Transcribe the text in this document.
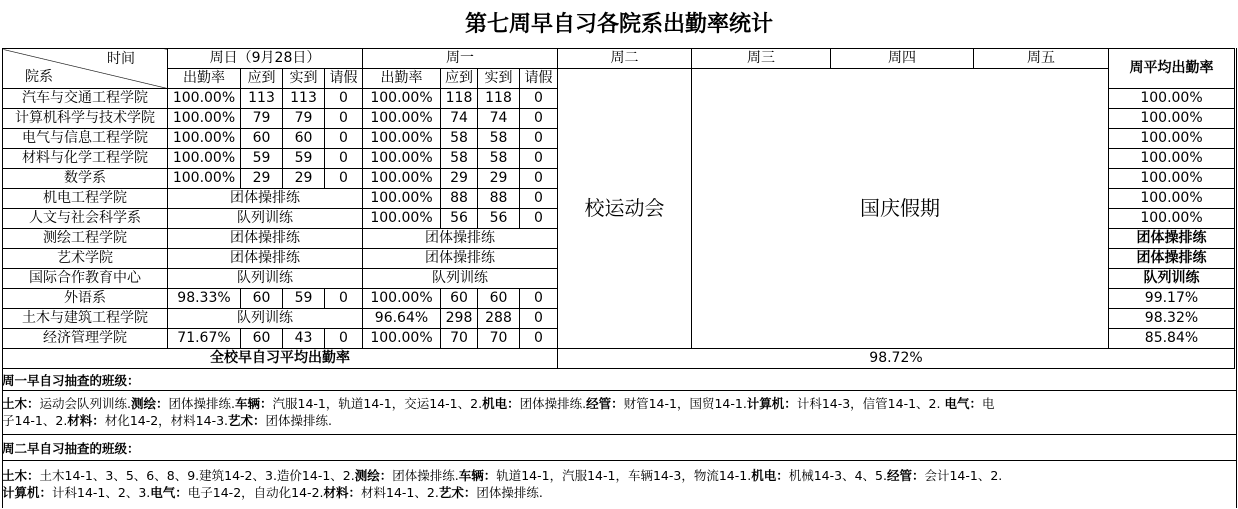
第七周早自习各院系出勤率统计
院系
时间	周日（9月28日）				周一				周二	周三	周四	周五	周平均出勤率
	出勤率	应到	实到	请假	出勤率	应到	实到	请假	校运动会	国庆假期			
汽车与交通工程学院	100.00%	113	113	0	100.00%	118	118	0					100.00%
计算机科学与技术学院	100.00%	79	79	0	100.00%	74	74	0					100.00%
电气与信息工程学院	100.00%	60	60	0	100.00%	58	58	0					100.00%
材料与化学工程学院	100.00%	59	59	0	100.00%	58	58	0					100.00%
数学系	100.00%	29	29	0	100.00%	29	29	0					100.00%
机电工程学院	团体操排练				100.00%	88	88	0					100.00%
人文与社会科学系	队列训练				100.00%	56	56	0					100.00%
测绘工程学院	团体操排练				团体操排练								团体操排练
艺术学院	团体操排练				团体操排练								团体操排练
国际合作教育中心	队列训练				队列训练								队列训练
外语系	98.33%	60	59	0	100.00%	60	60	0					99.17%
土木与建筑工程学院	队列训练				96.64%	298	288	0					98.32%
经济管理学院	71.67%	60	43	0	100.00%	70	70	0					85.84%
全校早自习平均出勤率									98.72%				
周一早自习抽查的班级：
土木：运动会队列训练.测绘：团体操排练.车辆：汽服14-1，轨道14-1，交运14-1、2.机电：团体操排练.经管：财管14-1，国贸14-1.计算机：计科14-3，信管14-1、2. 电气：电
子14-1、2.材料：材化14-2，材料14-3.艺术：团体操排练.
周二早自习抽查的班级：
土木：土木14-1、3、5、6、8、9.建筑14-2、3.造价14-1、2.测绘：团体操排练.车辆：轨道14-1，汽服14-1，车辆14-3，物流14-1.机电：机械14-3、4、5.经管：会计14-1、2.
计算机：计科14-1、2、3.电气：电子14-2，自动化14-2.材料：材料14-1、2.艺术：团体操排练.
